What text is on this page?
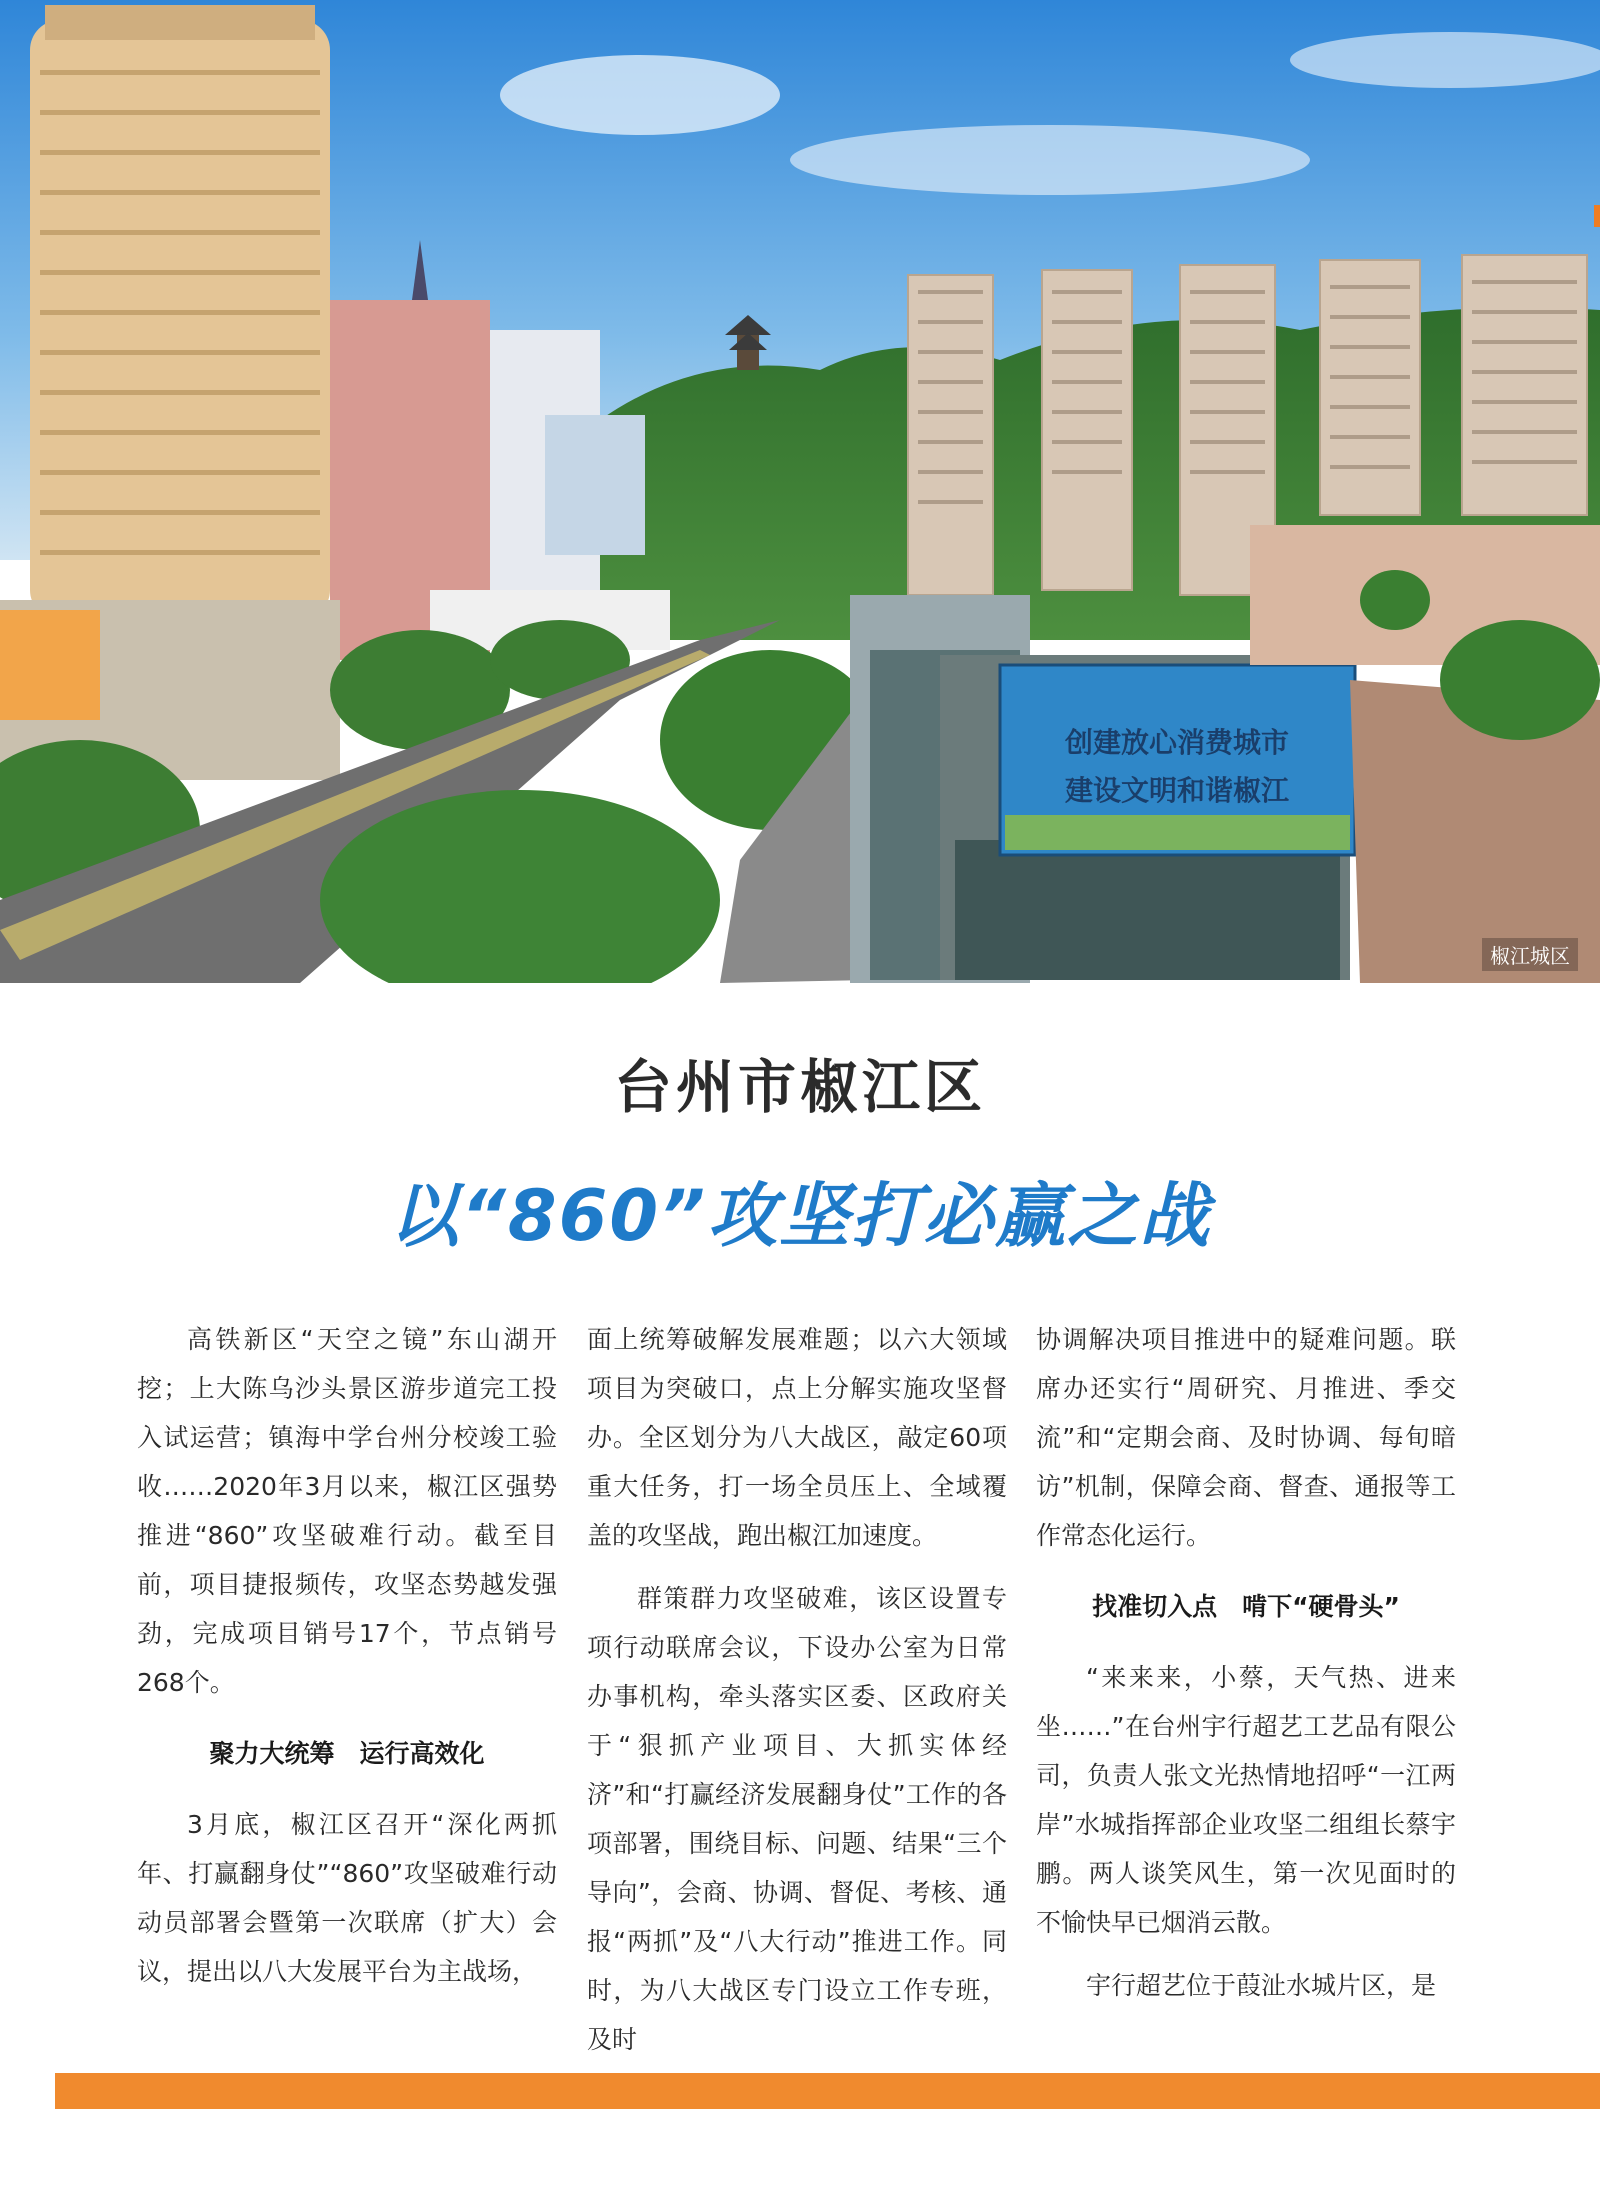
创建放心消费城市
建设文明和谐椒江
椒江城区
台州市椒江区
以“860”攻坚打必赢之战

高铁新区“天空之镜”东山湖开挖；上大陈乌沙头景区游步道完工投入试运营；镇海中学台州分校竣工验收……2020年3月以来，椒江区强势推进“860”攻坚破难行动。截至目前，项目捷报频传，攻坚态势越发强劲，完成项目销号17个，节点销号268个。

聚力大统筹　运行高效化

3月底，椒江区召开“深化两抓年、打赢翻身仗”“860”攻坚破难行动动员部署会暨第一次联席（扩大）会议，提出以八大发展平台为主战场，

面上统筹破解发展难题；以六大领域项目为突破口，点上分解实施攻坚督办。全区划分为八大战区，敲定60项重大任务，打一场全员压上、全域覆盖的攻坚战，跑出椒江加速度。

群策群力攻坚破难，该区设置专项行动联席会议，下设办公室为日常办事机构，牵头落实区委、区政府关于“狠抓产业项目、大抓实体经济”和“打赢经济发展翻身仗”工作的各项部署，围绕目标、问题、结果“三个导向”，会商、协调、督促、考核、通报“两抓”及“八大行动”推进工作。同时，为八大战区专门设立工作专班，及时

协调解决项目推进中的疑难问题。联席办还实行“周研究、月推进、季交流”和“定期会商、及时协调、每旬暗访”机制，保障会商、督查、通报等工作常态化运行。

找准切入点　啃下“硬骨头”

“来来来，小蔡，天气热、进来坐……”在台州宇行超艺工艺品有限公司，负责人张文光热情地招呼“一江两岸”水城指挥部企业攻坚二组组长蔡宇鹏。两人谈笑风生，第一次见面时的不愉快早已烟消云散。

宇行超艺位于葭沚水城片区，是
